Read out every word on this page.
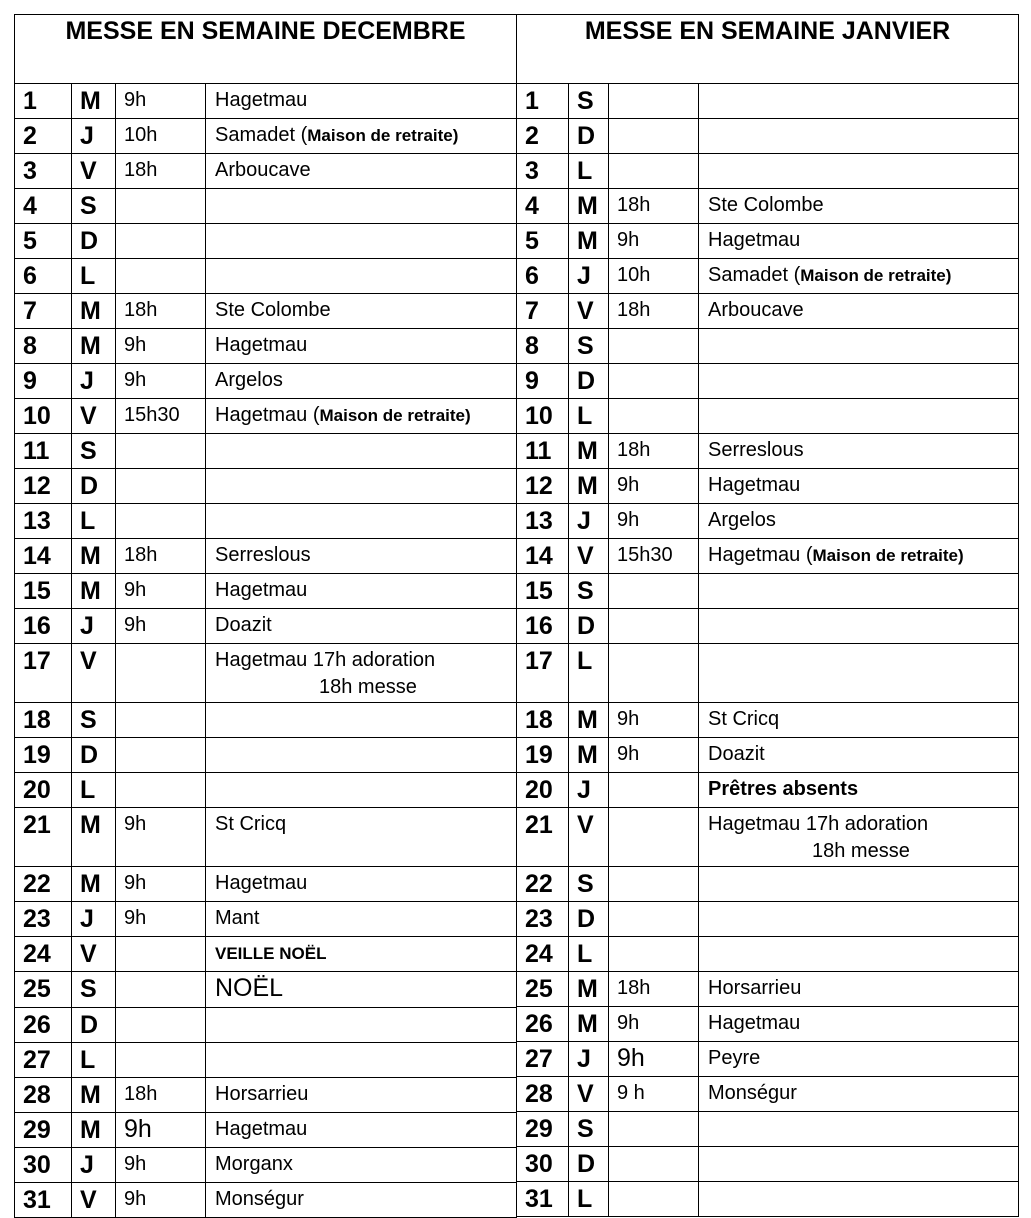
MESSE EN SEMAINE DECEMBRE			
1	M	9h	Hagetmau
2	J	10h	Samadet (Maison de retraite)
3	V	18h	Arboucave
4	S		
5	D		
6	L		
7	M	18h	Ste Colombe
8	M	9h	Hagetmau
9	J	9h	Argelos
10	V	15h30	Hagetmau (Maison de retraite)
11	S		
12	D		
13	L		
14	M	18h	Serreslous
15	M	9h	Hagetmau
16	J	9h	Doazit
17	V		Hagetmau 17h adoration
18h messe

18	S		
19	D		
20	L		
21	M	9h	St Cricq
22	M	9h	Hagetmau
23	J	9h	Mant
24	V		VEILLE NOËL
25	S		NOËL
26	D		
27	L		
28	M	18h	Horsarrieu
29	M	9h	Hagetmau
30	J	9h	Morganx
31	V	9h	Monségur
MESSE EN SEMAINE JANVIER			
1	S		
2	D		
3	L		
4	M	18h	Ste Colombe
5	M	9h	Hagetmau
6	J	10h	Samadet (Maison de retraite)
7	V	18h	Arboucave
8	S		
9	D		
10	L		
11	M	18h	Serreslous
12	M	9h	Hagetmau
13	J	9h	Argelos
14	V	15h30	Hagetmau (Maison de retraite)
15	S		
16	D		
17	L		
18	M	9h	St Cricq
19	M	9h	Doazit
20	J		Prêtres absents
21	V		Hagetmau 17h adoration
18h messe

22	S		
23	D		
24	L		
25	M	18h	Horsarrieu
26	M	9h	Hagetmau
27	J	9h	Peyre
28	V	9 h	Monségur
29	S		
30	D		
31	L		
